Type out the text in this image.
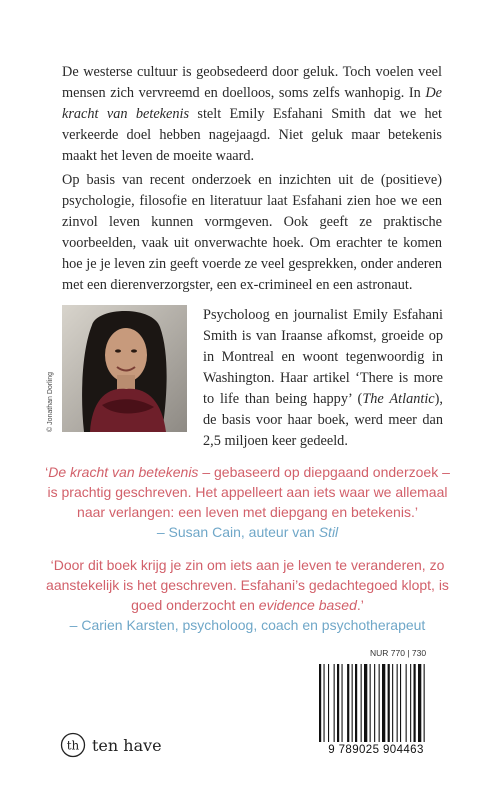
De westerse cultuur is geobsedeerd door geluk. Toch voelen veel mensen zich vervreemd en doelloos, soms zelfs wanhopig. In De kracht van betekenis stelt Emily Esfahani Smith dat we het verkeerde doel hebben nagejaagd. Niet geluk maar betekenis maakt het leven de moeite waard.

Op basis van recent onderzoek en inzichten uit de (positieve) psychologie, filosofie en literatuur laat Esfahani zien hoe we een zinvol leven kunnen vormgeven. Ook geeft ze praktische voorbeelden, vaak uit onverwachte hoek. Om erachter te komen hoe je je leven zin geeft voerde ze veel gesprekken, onder anderen met een dierenverzorgster, een ex-crimineel en een astronaut.

© Jonathan Dorling

Psycholoog en journalist Emily Esfahani Smith is van Iraanse afkomst, groeide op in Montreal en woont tegenwoordig in Washington. Haar artikel ‘There is more to life than being happy’ (The Atlantic), de basis voor haar boek, werd meer dan 2,5 miljoen keer gedeeld.

‘De kracht van betekenis – gebaseerd op diepgaand onderzoek – is prachtig geschreven. Het appelleert aan iets waar we allemaal naar verlangen: een leven met diepgang en betekenis.’
– Susan Cain, auteur van Stil

‘Door dit boek krijg je zin om iets aan je leven te veranderen, zo aanstekelijk is het geschreven. Esfahani’s gedachtegoed klopt, is goed onderzocht en evidence based.’
– Carien Karsten, psycholoog, coach en psychotherapeut

NUR 770 | 730
9 789025 904463
th ten have
